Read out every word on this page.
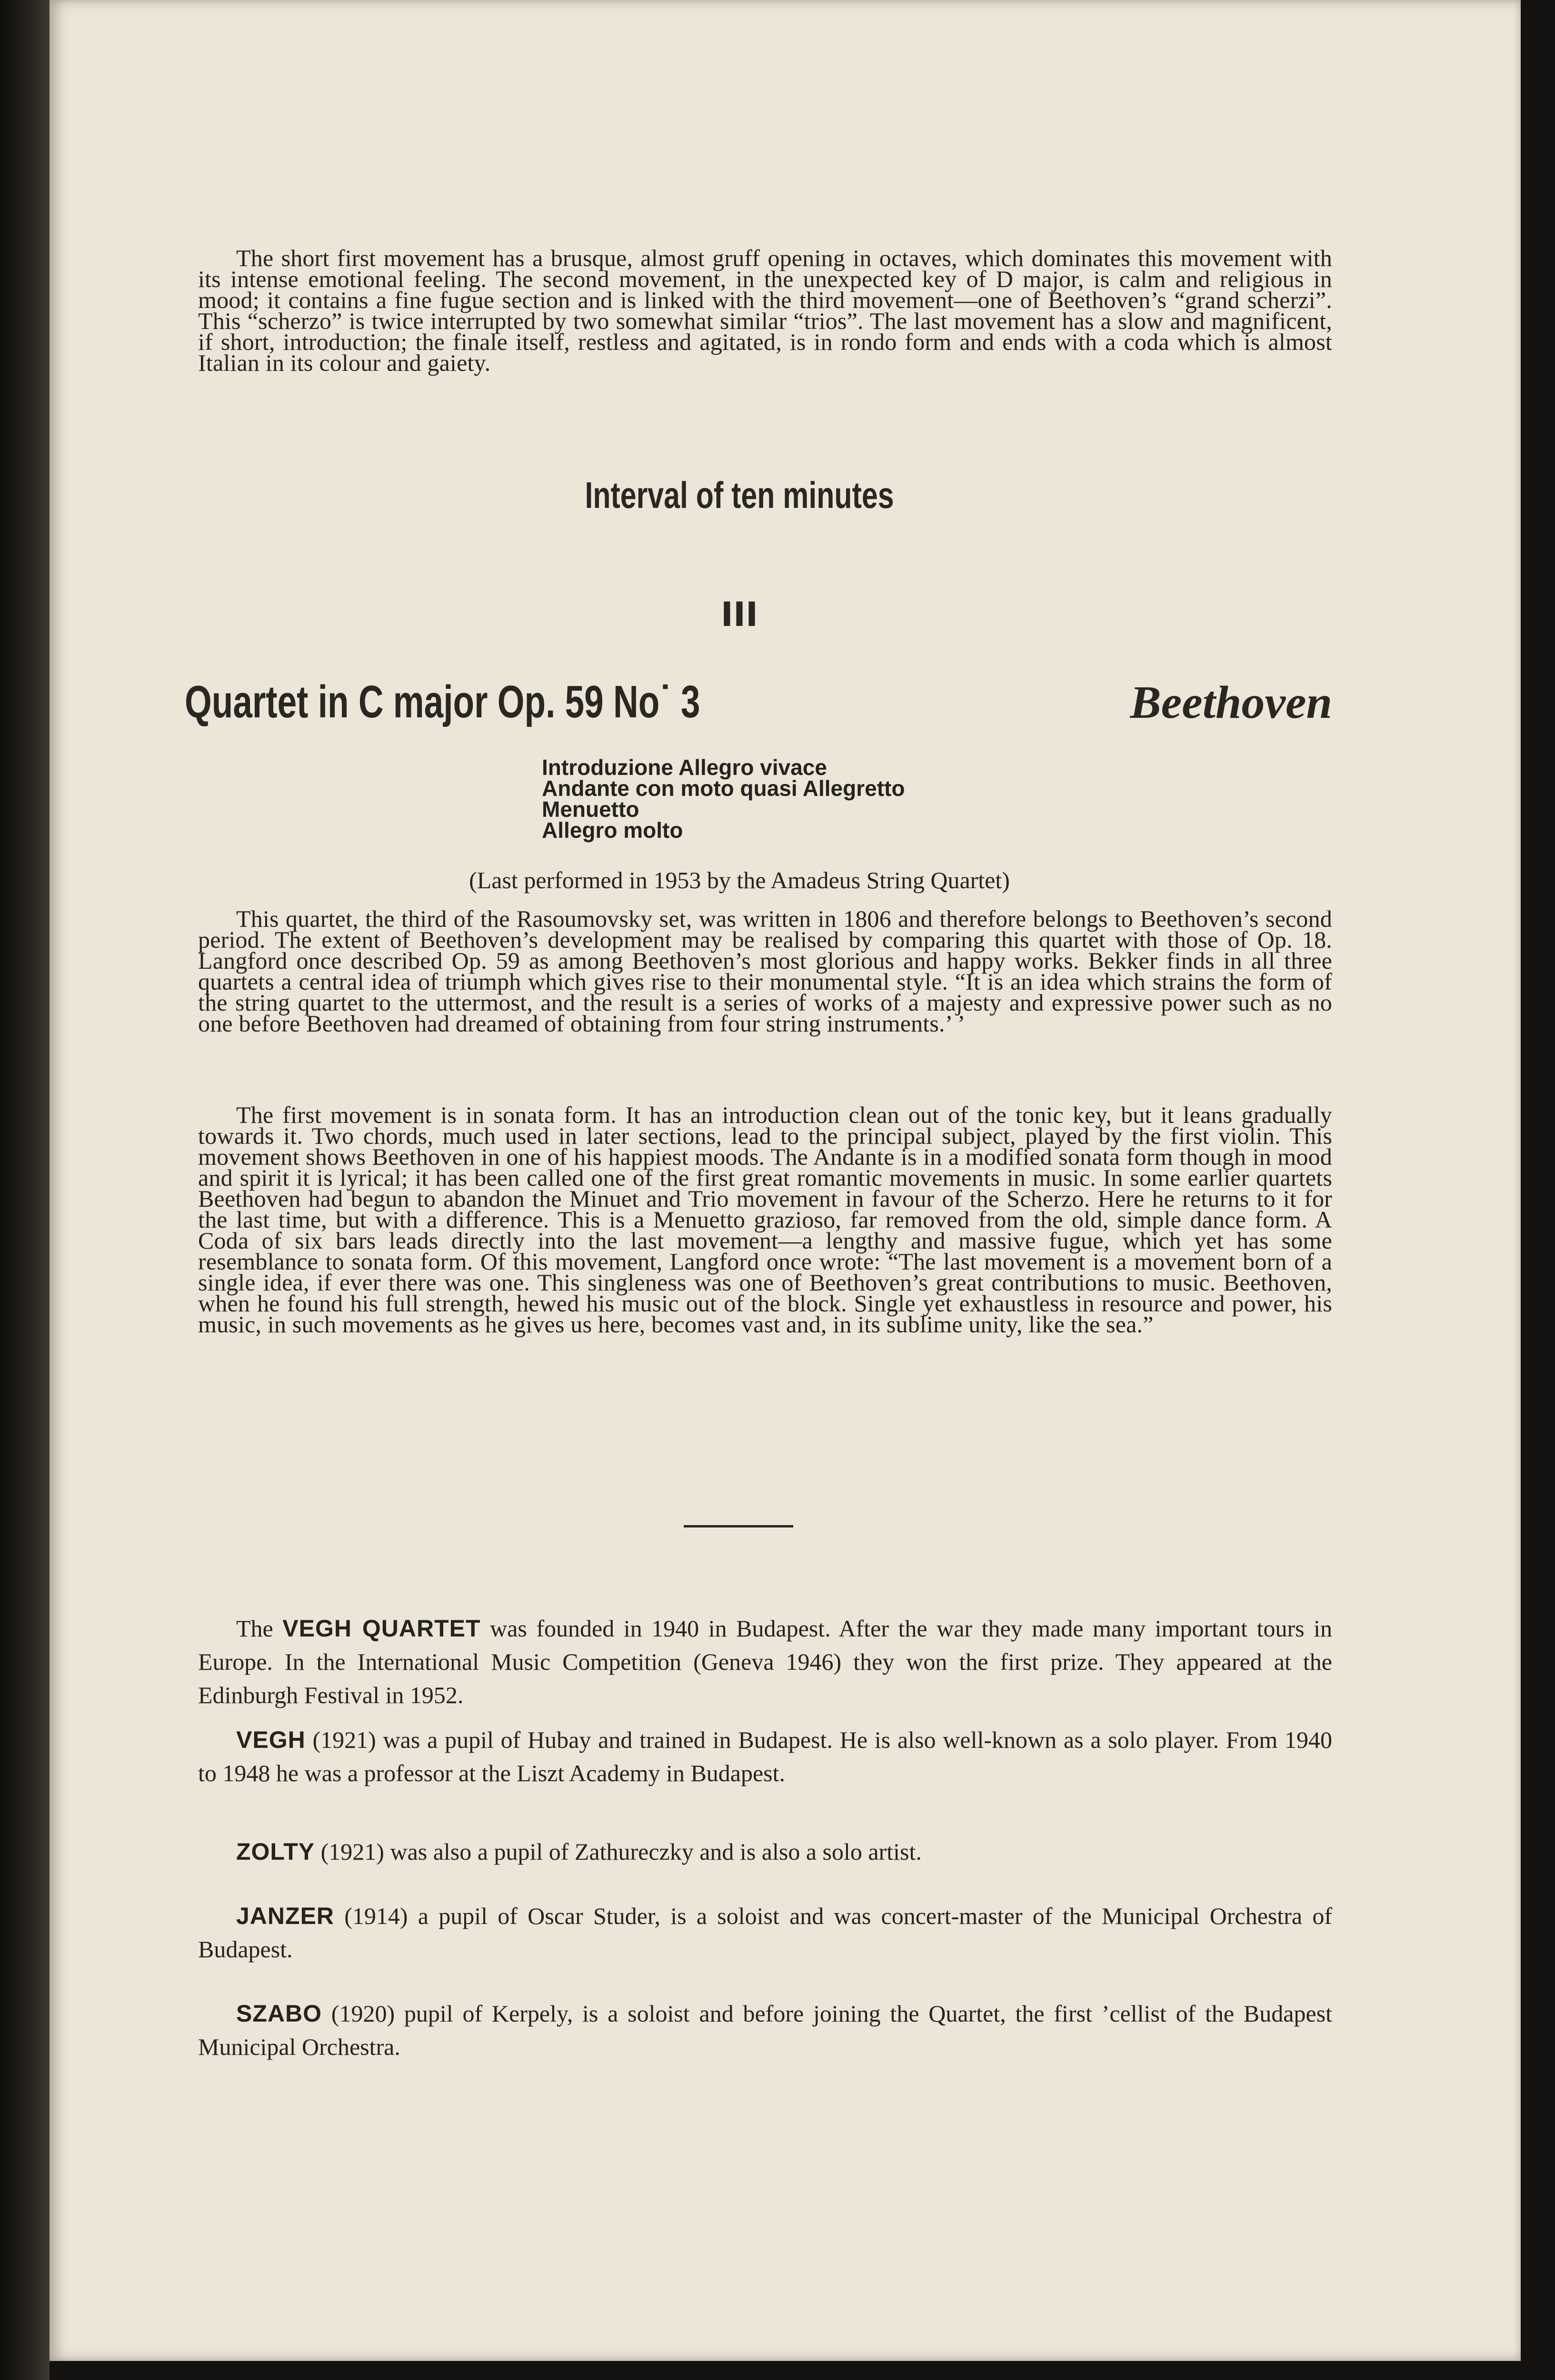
The short first movement has a brusque, almost gruff opening in octaves, which dominates this movement with its intense emotional feeling. The second movement, in the unexpected key of D major, is calm and religious in mood; it contains a fine fugue section and is linked with the third movement—one of Beethoven’s “grand scherzi”. This “scherzo” is twice interrupted by two somewhat similar “trios”. The last movement has a slow and magnificent, if short, introduction; the finale itself, restless and agitated, is in rondo form and ends with a coda which is almost Italian in its colour and gaiety.

Interval of ten minutes
III
Quartet in C major Op. 59 No˙ 3	Beethoven
Introduzione Allegro vivace
Andante con moto quasi Allegretto
Menuetto
Allegro molto
(Last performed in 1953 by the Amadeus String Quartet)

This quartet, the third of the Rasoumovsky set, was written in 1806 and therefore belongs to Beethoven’s second period. The extent of Beethoven’s development may be realised by comparing this quartet with those of Op. 18. Langford once described Op. 59 as among Beethoven’s most glorious and happy works. Bekker finds in all three quartets a central idea of triumph which gives rise to their monumental style. “It is an idea which strains the form of the string quartet to the uttermost, and the result is a series of works of a majesty and expressive power such as no one before Beethoven had dreamed of obtaining from four string instruments.’ ’

The first movement is in sonata form. It has an introduction clean out of the tonic key, but it leans gradually towards it. Two chords, much used in later sections, lead to the principal subject, played by the first violin. This movement shows Beethoven in one of his happiest moods. The Andante is in a modified sonata form though in mood and spirit it is lyrical; it has been called one of the first great romantic movements in music. In some earlier quartets Beethoven had begun to abandon the Minuet and Trio movement in favour of the Scherzo. Here he returns to it for the last time, but with a difference. This is a Menuetto grazioso, far removed from the old, simple dance form. A Coda of six bars leads directly into the last movement—a lengthy and massive fugue, which yet has some resemblance to sonata form. Of this movement, Langford once wrote: “The last movement is a movement born of a single idea, if ever there was one. This singleness was one of Beethoven’s great contributions to music. Beethoven, when he found his full strength, hewed his music out of the block. Single yet exhaustless in resource and power, his music, in such movements as he gives us here, becomes vast and, in its sublime unity, like the sea.”

The VEGH QUARTET was founded in 1940 in Budapest. After the war they made many important tours in Europe. In the International Music Competition (Geneva 1946) they won the first prize. They appeared at the Edinburgh Festival in 1952.

VEGH (1921) was a pupil of Hubay and trained in Budapest. He is also well-known as a solo player. From 1940 to 1948 he was a professor at the Liszt Academy in Budapest.

ZOLTY (1921) was also a pupil of Zathureczky and is also a solo artist.

JANZER (1914) a pupil of Oscar Studer, is a soloist and was concert-master of the Municipal Orchestra of Budapest.

SZABO (1920) pupil of Kerpely, is a soloist and before joining the Quartet, the first ’cellist of the Budapest Municipal Orchestra.
